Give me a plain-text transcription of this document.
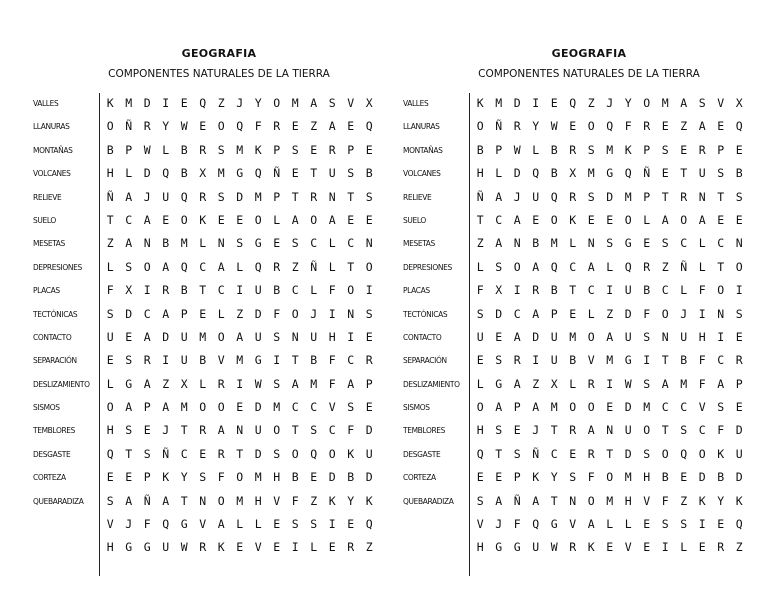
GEOGRAFIA
COMPONENTES NATURALES DE LA TIERRA
VALLES
LLANURAS
MONTAÑAS
VOLCANES
RELIEVE
SUELO
MESETAS
DEPRESIONES
PLACAS
TECTÓNICAS
CONTACTO
SEPARACIÓN
DESLIZAMIENTO
SISMOS
TEMBLORES
DESGASTE
CORTEZA
QUEBARADIZA
K	M	D	I	E	Q	Z	J	Y	O	M	A	S	V	X
O	Ñ	R	Y	W	E	O	Q	F	R	E	Z	A	E	Q
B	P	W	L	B	R	S	M	K	P	S	E	R	P	E
H	L	D	Q	B	X	M	G	Q	Ñ	E	T	U	S	B
Ñ	A	J	U	Q	R	S	D	M	P	T	R	N	T	S
T	C	A	E	O	K	E	E	O	L	A	O	A	E	E
Z	A	N	B	M	L	N	S	G	E	S	C	L	C	N
L	S	O	A	Q	C	A	L	Q	R	Z	Ñ	L	T	O
F	X	I	R	B	T	C	I	U	B	C	L	F	O	I
S	D	C	A	P	E	L	Z	D	F	O	J	I	N	S
U	E	A	D	U	M	O	A	U	S	N	U	H	I	E
E	S	R	I	U	B	V	M	G	I	T	B	F	C	R
L	G	A	Z	X	L	R	I	W	S	A	M	F	A	P
O	A	P	A	M	O	O	E	D	M	C	C	V	S	E
H	S	E	J	T	R	A	N	U	O	T	S	C	F	D
Q	T	S	Ñ	C	E	R	T	D	S	O	Q	O	K	U
E	E	P	K	Y	S	F	O	M	H	B	E	D	B	D
S	A	Ñ	A	T	N	O	M	H	V	F	Z	K	Y	K
V	J	F	Q	G	V	A	L	L	E	S	S	I	E	Q
H	G	G	U	W	R	K	E	V	E	I	L	E	R	Z
GEOGRAFIA
COMPONENTES NATURALES DE LA TIERRA
VALLES
LLANURAS
MONTAÑAS
VOLCANES
RELIEVE
SUELO
MESETAS
DEPRESIONES
PLACAS
TECTÓNICAS
CONTACTO
SEPARACIÓN
DESLIZAMIENTO
SISMOS
TEMBLORES
DESGASTE
CORTEZA
QUEBARADIZA
K	M	D	I	E	Q	Z	J	Y	O	M	A	S	V	X
O	Ñ	R	Y	W	E	O	Q	F	R	E	Z	A	E	Q
B	P	W	L	B	R	S	M	K	P	S	E	R	P	E
H	L	D	Q	B	X	M	G	Q	Ñ	E	T	U	S	B
Ñ	A	J	U	Q	R	S	D	M	P	T	R	N	T	S
T	C	A	E	O	K	E	E	O	L	A	O	A	E	E
Z	A	N	B	M	L	N	S	G	E	S	C	L	C	N
L	S	O	A	Q	C	A	L	Q	R	Z	Ñ	L	T	O
F	X	I	R	B	T	C	I	U	B	C	L	F	O	I
S	D	C	A	P	E	L	Z	D	F	O	J	I	N	S
U	E	A	D	U	M	O	A	U	S	N	U	H	I	E
E	S	R	I	U	B	V	M	G	I	T	B	F	C	R
L	G	A	Z	X	L	R	I	W	S	A	M	F	A	P
O	A	P	A	M	O	O	E	D	M	C	C	V	S	E
H	S	E	J	T	R	A	N	U	O	T	S	C	F	D
Q	T	S	Ñ	C	E	R	T	D	S	O	Q	O	K	U
E	E	P	K	Y	S	F	O	M	H	B	E	D	B	D
S	A	Ñ	A	T	N	O	M	H	V	F	Z	K	Y	K
V	J	F	Q	G	V	A	L	L	E	S	S	I	E	Q
H	G	G	U	W	R	K	E	V	E	I	L	E	R	Z
